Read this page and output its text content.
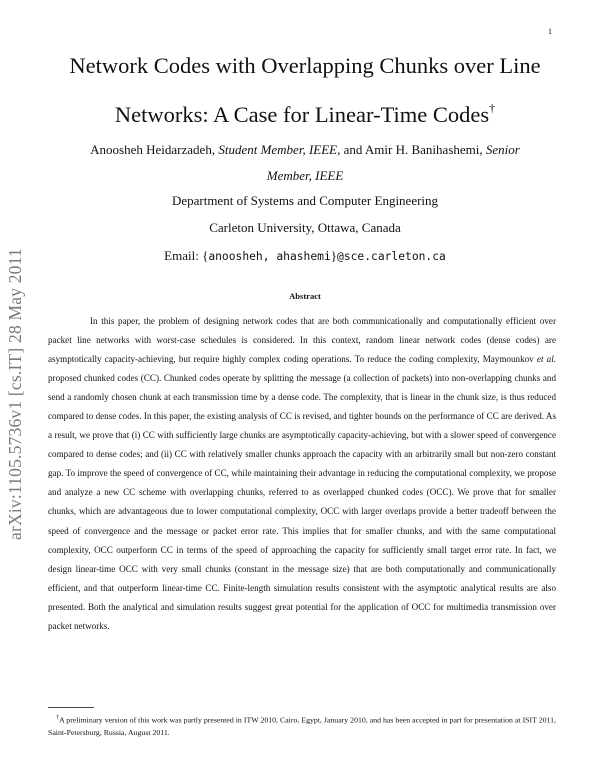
1
arXiv:1105.5736v1 [cs.IT] 28 May 2011
Network Codes with Overlapping Chunks over Line
Networks: A Case for Linear-Time Codes†

Anoosheh Heidarzadeh, Student Member, IEEE, and Amir H. Banihashemi, Senior
Member, IEEE

Department of Systems and Computer Engineering
Carleton University, Ottawa, Canada
Email: {anoosheh, ahashemi}@sce.carleton.ca
Abstract

In this paper, the problem of designing network codes that are both communicationally and computationally efficient over packet line networks with worst-case schedules is considered. In this context, random linear network codes (dense codes) are asymptotically capacity-achieving, but require highly complex coding operations. To reduce the coding complexity, Maymounkov et al. proposed chunked codes (CC). Chunked codes operate by splitting the message (a collection of packets) into non-overlapping chunks and send a randomly chosen chunk at each transmission time by a dense code. The complexity, that is linear in the chunk size, is thus reduced compared to dense codes. In this paper, the existing analysis of CC is revised, and tighter bounds on the performance of CC are derived. As a result, we prove that (i) CC with sufficiently large chunks are asymptotically capacity-achieving, but with a slower speed of convergence compared to dense codes; and (ii) CC with relatively smaller chunks approach the capacity with an arbitrarily small but non-zero constant gap. To improve the speed of convergence of CC, while maintaining their advantage in reducing the computational complexity, we propose and analyze a new CC scheme with overlapping chunks, referred to as overlapped chunked codes (OCC). We prove that for smaller chunks, which are advantageous due to lower computational complexity, OCC with larger overlaps provide a better tradeoff between the speed of convergence and the message or packet error rate. This implies that for smaller chunks, and with the same computational complexity, OCC outperform CC in terms of the speed of approaching the capacity for sufficiently small target error rate. In fact, we design linear-time OCC with very small chunks (constant in the message size) that are both computationally and communicationally efficient, and that outperform linear-time CC. Finite-length simulation results consistent with the asymptotic analytical results are also presented. Both the analytical and simulation results suggest great potential for the application of OCC for multimedia transmission over packet networks.

†A preliminary version of this work was partly presented in ITW 2010, Cairo, Egypt, January 2010, and has been accepted in part for presentation at ISIT 2011, Saint-Petersburg, Russia, August 2011.
